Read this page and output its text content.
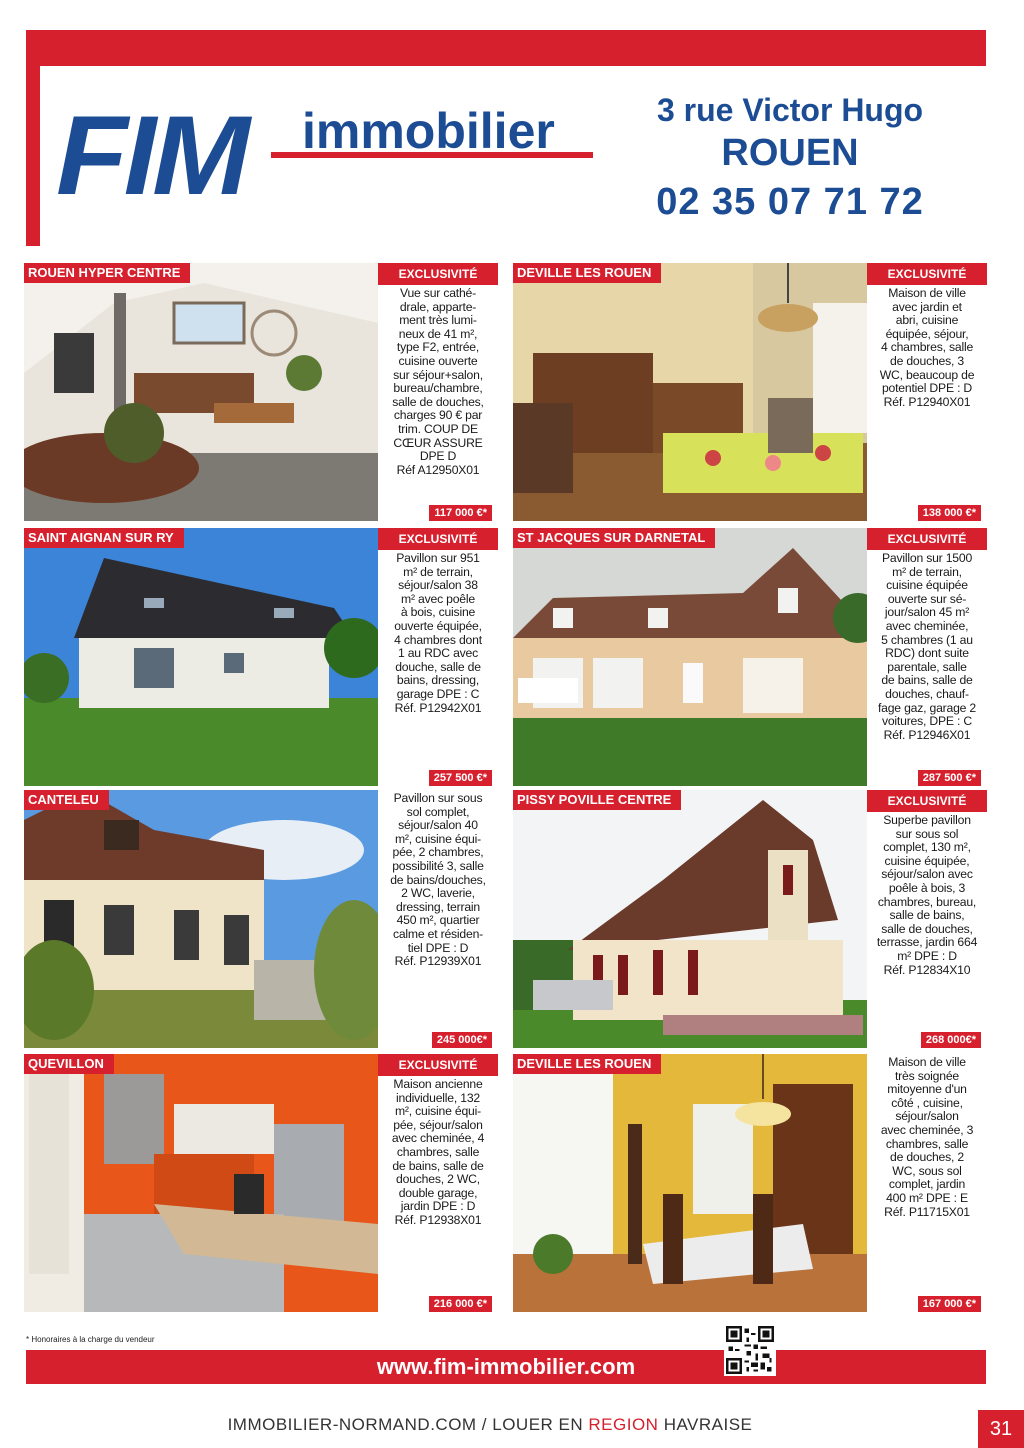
FIM immobilier	3 rue Victor Hugo
ROUEN
02 35 07 71 72
ROUEN HYPER CENTRE	EXCLUSIVITÉ
Vue sur cathé-
drale, apparte-
ment très lumi-
neux de 41 m²,
type F2, entrée,
cuisine ouverte
sur séjour+salon,
bureau/chambre,
salle de douches,
charges 90 € par
trim. COUP DE
CŒUR ASSURE
DPE D
Réf A12950X01
117 000 €*
DEVILLE LES ROUEN	EXCLUSIVITÉ
Maison de ville
avec jardin et
abri, cuisine
équipée, séjour,
4 chambres, salle
de douches, 3
WC, beaucoup de
potentiel DPE : D
Réf. P12940X01
138 000 €*
SAINT AIGNAN SUR RY	EXCLUSIVITÉ
Pavillon sur 951
m² de terrain,
séjour/salon 38
m² avec poêle
à bois, cuisine
ouverte équipée,
4 chambres dont
1 au RDC avec
douche, salle de
bains, dressing,
garage DPE : C
Réf. P12942X01
257 500 €*
ST JACQUES SUR DARNETAL	EXCLUSIVITÉ
Pavillon sur 1500
m² de terrain,
cuisine équipée
ouverte sur sé-
jour/salon 45 m²
avec cheminée,
5 chambres (1 au
RDC) dont suite
parentale, salle
de bains, salle de
douches, chauf-
fage gaz, garage 2
voitures, DPE : C
Réf. P12946X01
287 500 €*
CANTELEU	Pavillon sur sous
sol complet,
séjour/salon 40
m², cuisine équi-
pée, 2 chambres,
possibilité 3, salle
de bains/douches,
2 WC, laverie,
dressing, terrain
450 m², quartier
calme et résiden-
tiel DPE : D
Réf. P12939X01
245 000€*
PISSY POVILLE CENTRE	EXCLUSIVITÉ
Superbe pavillon
sur sous sol
complet, 130 m²,
cuisine équipée,
séjour/salon avec
poêle à bois, 3
chambres, bureau,
salle de bains,
salle de douches,
terrasse, jardin 664
m² DPE : D
Réf. P12834X10
268 000€*
QUEVILLON	EXCLUSIVITÉ
Maison ancienne
individuelle, 132
m², cuisine équi-
pée, séjour/salon
avec cheminée, 4
chambres, salle
de bains, salle de
douches, 2 WC,
double garage,
jardin DPE : D
Réf. P12938X01
216 000 €*
DEVILLE LES ROUEN	Maison de ville
très soignée
mitoyenne d'un
côté , cuisine,
séjour/salon
avec cheminée, 3
chambres, salle
de douches, 2
WC, sous sol
complet, jardin
400 m² DPE : E
Réf. P11715X01
167 000 €*
* Honoraires à la charge du vendeur
www.fim-immobilier.com
IMMOBILIER-NORMAND.COM / LOUER EN REGION HAVRAISE	31
